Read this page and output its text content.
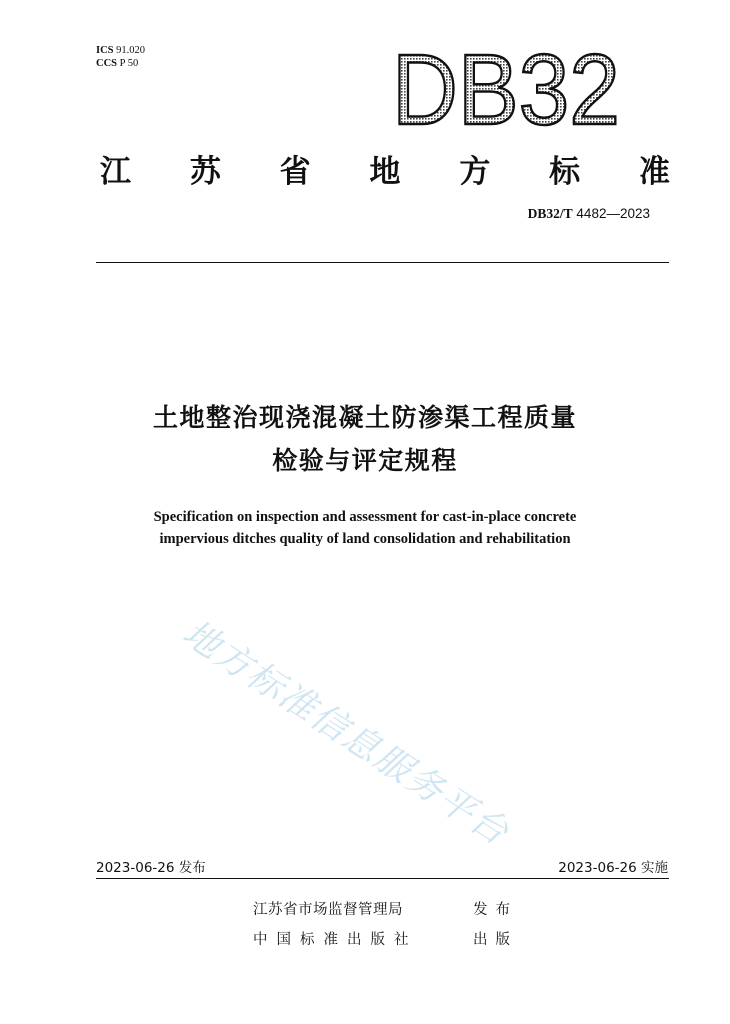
ICS 91.020
CCS P 50	DB32
江 苏 省 地 方 标 准
DB32/T 4482—2023
土地整治现浇混凝土防渗渠工程质量
检验与评定规程
Specification on inspection and assessment for cast-in-place concrete
impervious ditches quality of land consolidation and rehabilitation
地方标准信息服务平台
2023-06-26 发布	2023-06-26 实施
江苏省市场监督管理局	发布
中国标准出版社	出版
